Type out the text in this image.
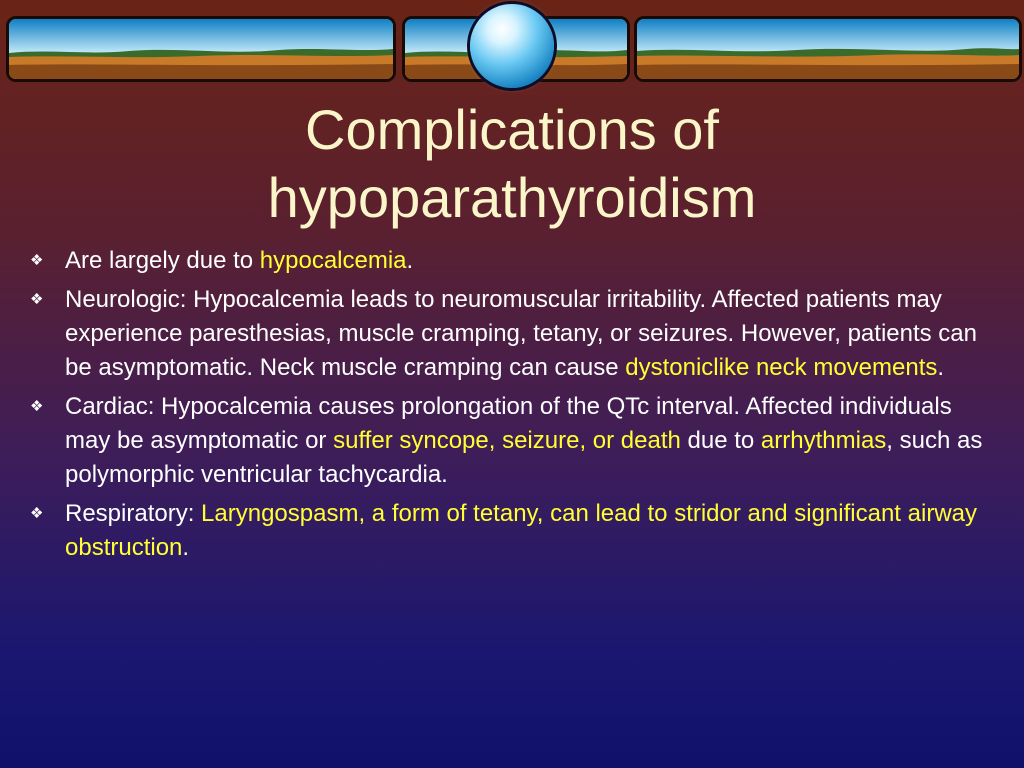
Complications of
hypoparathyroidism
❖ Are largely due to hypocalcemia.
❖ Neurologic: Hypocalcemia leads to neuromuscular irritability. Affected patients may experience paresthesias, muscle cramping, tetany, or seizures. However, patients can be asymptomatic. Neck muscle cramping can cause dystoniclike neck movements.
❖ Cardiac: Hypocalcemia causes prolongation of the QTc interval. Affected individuals may be asymptomatic or suffer syncope, seizure, or death due to arrhythmias, such as polymorphic ventricular tachycardia.
❖ Respiratory: Laryngospasm, a form of tetany, can lead to stridor and significant airway obstruction.
